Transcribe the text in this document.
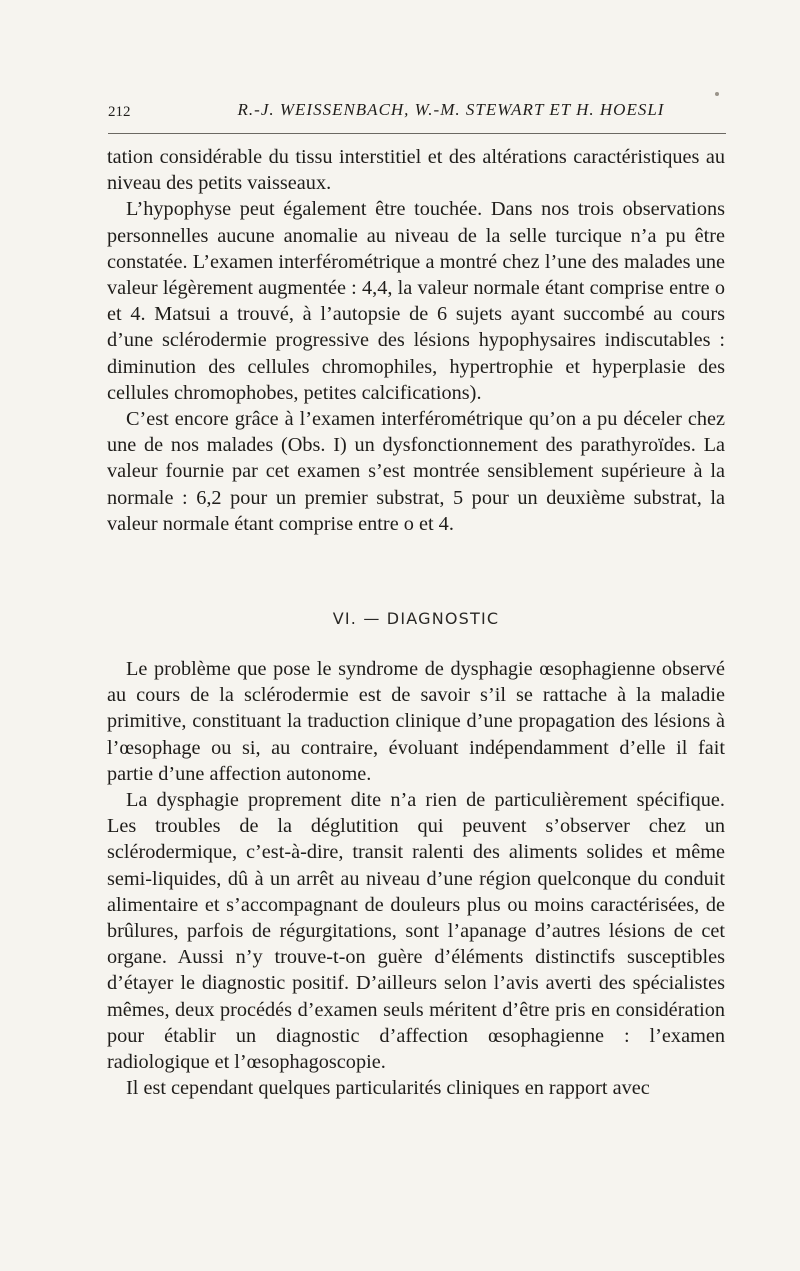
212	R.-J. WEISSENBACH, W.-M. STEWART ET H. HOESLI

tation considérable du tissu interstitiel et des altérations caractéristiques au niveau des petits vaisseaux.

L’hypophyse peut également être touchée. Dans nos trois observations personnelles aucune anomalie au niveau de la selle turcique n’a pu être constatée. L’examen interférométrique a montré chez l’une des malades une valeur légèrement augmentée : 4,4, la valeur normale étant comprise entre o et 4. Matsui a trouvé, à l’autopsie de 6 sujets ayant succombé au cours d’une sclérodermie progressive des lésions hypophysaires indiscutables : diminution des cellules chromophiles, hypertrophie et hyperplasie des cellules chromophobes, petites calcifications).

C’est encore grâce à l’examen interférométrique qu’on a pu déceler chez une de nos malades (Obs. I) un dysfonctionnement des parathyroïdes. La valeur fournie par cet examen s’est montrée sensiblement supérieure à la normale : 6,2 pour un premier substrat, 5 pour un deuxième substrat, la valeur normale étant comprise entre o et 4.

VI. — DIAGNOSTIC

Le problème que pose le syndrome de dysphagie œsophagienne observé au cours de la sclérodermie est de savoir s’il se rattache à la maladie primitive, constituant la traduction clinique d’une propagation des lésions à l’œsophage ou si, au contraire, évoluant indépendamment d’elle il fait partie d’une affection autonome.

La dysphagie proprement dite n’a rien de particulièrement spécifique. Les troubles de la déglutition qui peuvent s’observer chez un sclérodermique, c’est-à-dire, transit ralenti des aliments solides et même semi-liquides, dû à un arrêt au niveau d’une région quelconque du conduit alimentaire et s’accompagnant de douleurs plus ou moins caractérisées, de brûlures, parfois de régurgitations, sont l’apanage d’autres lésions de cet organe. Aussi n’y trouve-t-on guère d’éléments distinctifs susceptibles d’étayer le diagnostic positif. D’ailleurs selon l’avis averti des spécialistes mêmes, deux procédés d’examen seuls méritent d’être pris en considération pour établir un diagnostic d’affection œsophagienne : l’examen radiologique et l’œsophagoscopie.

Il est cependant quelques particularités cliniques en rapport avec
